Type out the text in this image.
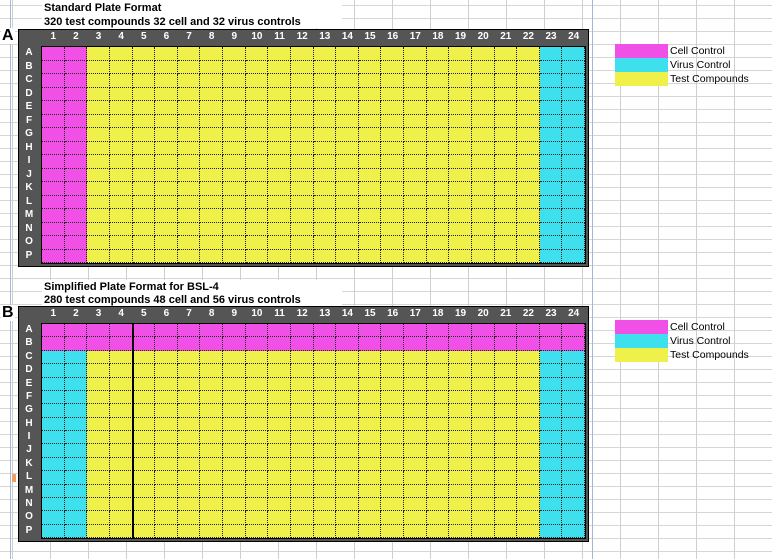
Standard Plate Format
320 test compounds 32 cell and 32 virus controls
A	1	2	3	4	5	6	7	8	9	10	11	12	13	14	15	16	17	18	19	20	21	22	23	24
A
B
C
D
E
F
G
H
I
J
K
L
M
N
O
P
Cell Control
Virus Control
Test Compounds
Simplified Plate Format for BSL-4
280 test compounds 48 cell and 56 virus controls
B	1	2	3	4	5	6	7	8	9	10	11	12	13	14	15	16	17	18	19	20	21	22	23	24
A
B
C
D
E
F
G
H
I
J
K
L
M
N
O
P
Cell Control
Virus Control
Test Compounds
